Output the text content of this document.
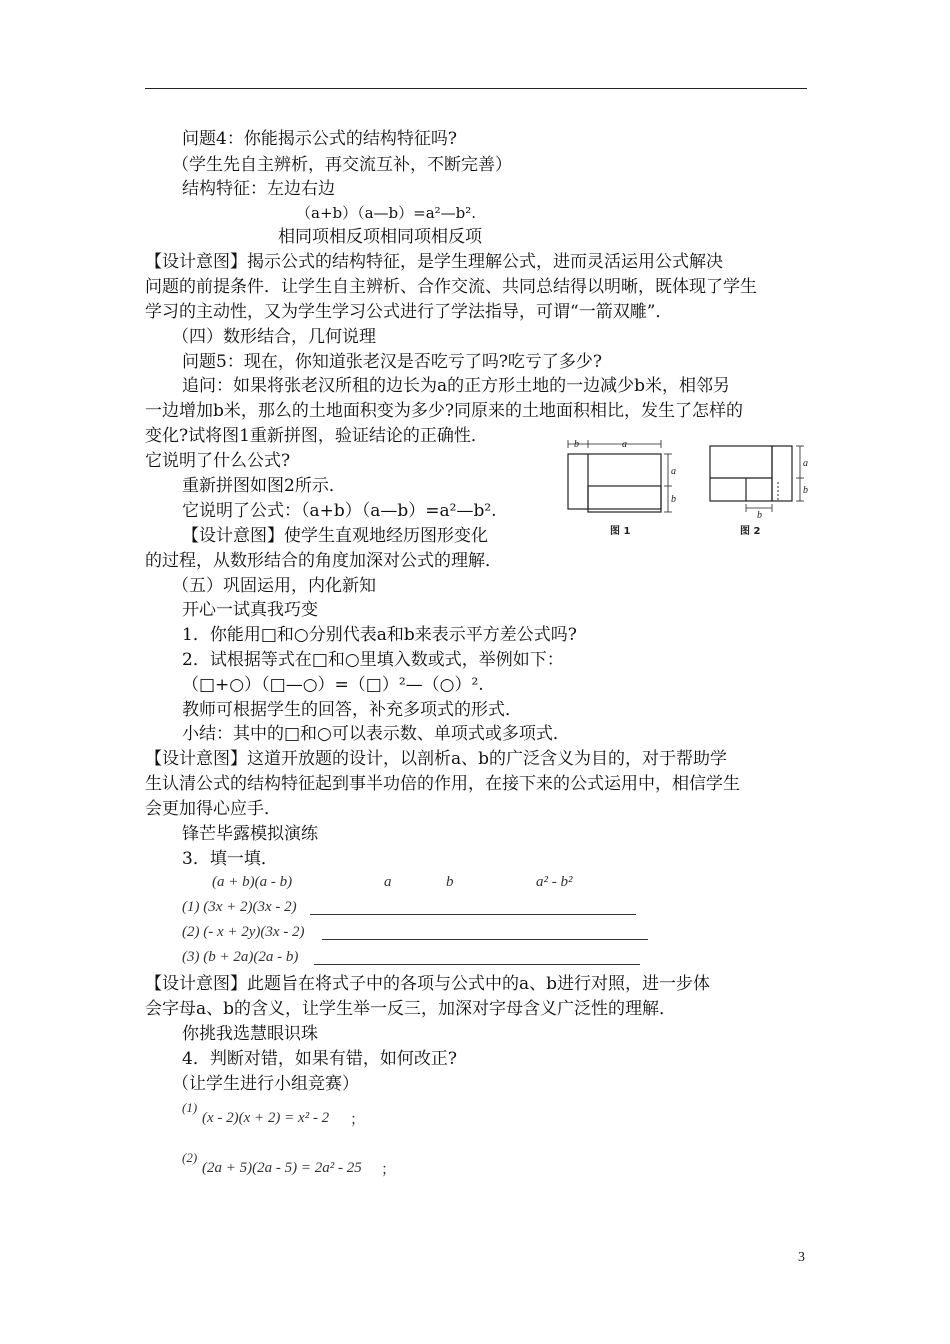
问题4：你能揭示公式的结构特征吗?
（学生先自主辨析，再交流互补，不断完善）
结构特征：左边右边
（a+b）（a—b）=a²—b².
相同项相反项相同项相反项
【设计意图】揭示公式的结构特征，是学生理解公式，进而灵活运用公式解决
问题的前提条件．让学生自主辨析、合作交流、共同总结得以明晰，既体现了学生
学习的主动性，又为学生学习公式进行了学法指导，可谓“一箭双雕”．
（四）数形结合，几何说理
问题5：现在，你知道张老汉是否吃亏了吗?吃亏了多少?
追问：如果将张老汉所租的边长为a的正方形土地的一边减少b米，相邻另
一边增加b米，那么的土地面积变为多少?同原来的土地面积相比，发生了怎样的
变化?试将图1重新拼图，验证结论的正确性．
它说明了什么公式?
重新拼图如图2所示．
它说明了公式：（a+b）（a—b）=a²—b².
【设计意图】使学生直观地经历图形变化
的过程，从数形结合的角度加深对公式的理解．
b	a
a
b
b
a
b
图 1	图 2
（五）巩固运用，内化新知
开心一试真我巧变
1．你能用□和○分别代表a和b来表示平方差公式吗?
2．试根据等式在□和○里填入数或式，举例如下：
（□+○）（□—○）=（□）²—（○）².
教师可根据学生的回答，补充多项式的形式．
小结：其中的□和○可以表示数、单项式或多项式．
【设计意图】这道开放题的设计，以剖析a、b的广泛含义为目的，对于帮助学
生认清公式的结构特征起到事半功倍的作用，在接下来的公式运用中，相信学生
会更加得心应手．
锋芒毕露模拟演练
3．填一填．
(a + b)(a - b)	a	b	a² - b²
(1) (3x + 2)(3x - 2)
(2) (- x + 2y)(3x - 2)
(3) (b + 2a)(2a - b)
【设计意图】此题旨在将式子中的各项与公式中的a、b进行对照，进一步体
会字母a、b的含义，让学生举一反三，加深对字母含义广泛性的理解．
你挑我选慧眼识珠
4．判断对错，如果有错，如何改正?
（让学生进行小组竞赛）
(1)
(x - 2)(x + 2) = x² - 2 ；
(2)
(2a + 5)(2a - 5) = 2a² - 25 ；
3
